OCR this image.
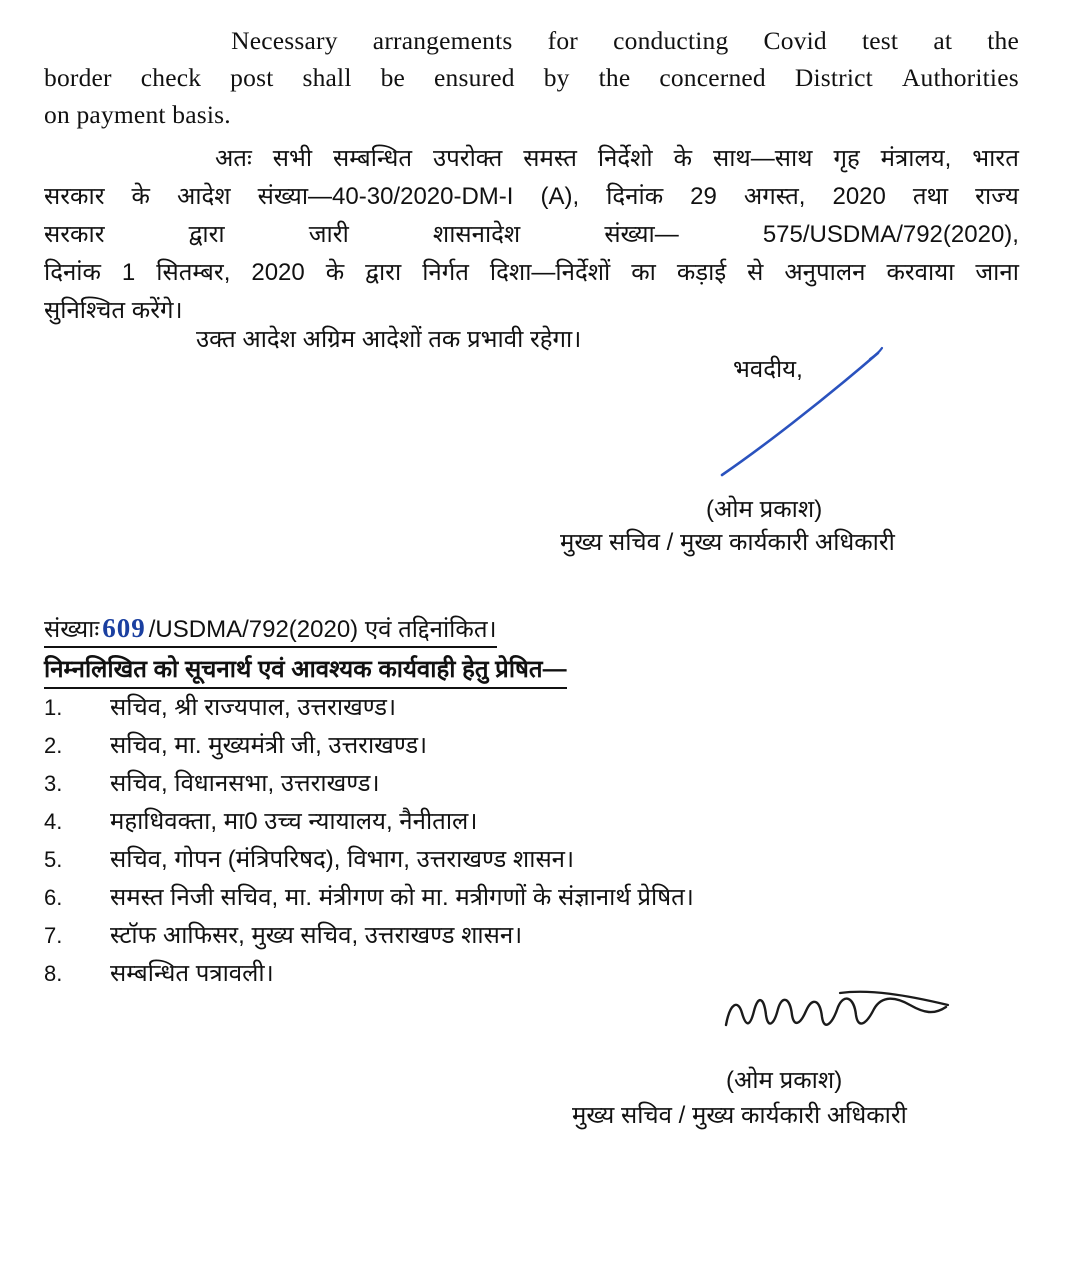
Necessary arrangements for conducting Covid test at the
border check post shall be ensured by the concerned District Authorities
on payment basis.
अतः सभी सम्बन्धित उपरोक्त समस्त निर्देशो के साथ—साथ गृह मंत्रालय, भारत
सरकार के आदेश संख्या—40-30/2020-DM-I (A), दिनांक 29 अगस्त, 2020 तथा राज्य
सरकार	द्वारा	जारी	शासनादेश	संख्या—	575/USDMA/792(2020),
दिनांक 1 सितम्बर, 2020 के द्वारा निर्गत दिशा—निर्देशों का कड़ाई से अनुपालन करवाया जाना
सुनिश्चित करेंगे।
उक्त आदेश अग्रिम आदेशों तक प्रभावी रहेगा।
भवदीय,
(ओम प्रकाश)
मुख्य सचिव / मुख्य कार्यकारी अधिकारी
संख्याः 609 /USDMA/792(2020) एवं तद्दिनांकित।
निम्नलिखित को सूचनार्थ एवं आवश्यक कार्यवाही हेतु प्रेषित—
1.	सचिव, श्री राज्यपाल, उत्तराखण्ड।
2.	सचिव, मा. मुख्यमंत्री जी, उत्तराखण्ड।
3.	सचिव, विधानसभा, उत्तराखण्ड।
4.	महाधिवक्ता, मा0 उच्च न्यायालय, नैनीताल।
5.	सचिव, गोपन (मंत्रिपरिषद), विभाग, उत्तराखण्ड शासन।
6.	समस्त निजी सचिव, मा. मंत्रीगण को मा. मत्रीगणों के संज्ञानार्थ प्रेषित।
7.	स्टॉफ आफिसर, मुख्य सचिव, उत्तराखण्ड शासन।
8.	सम्बन्धित पत्रावली।
(ओम प्रकाश)
मुख्य सचिव / मुख्य कार्यकारी अधिकारी
